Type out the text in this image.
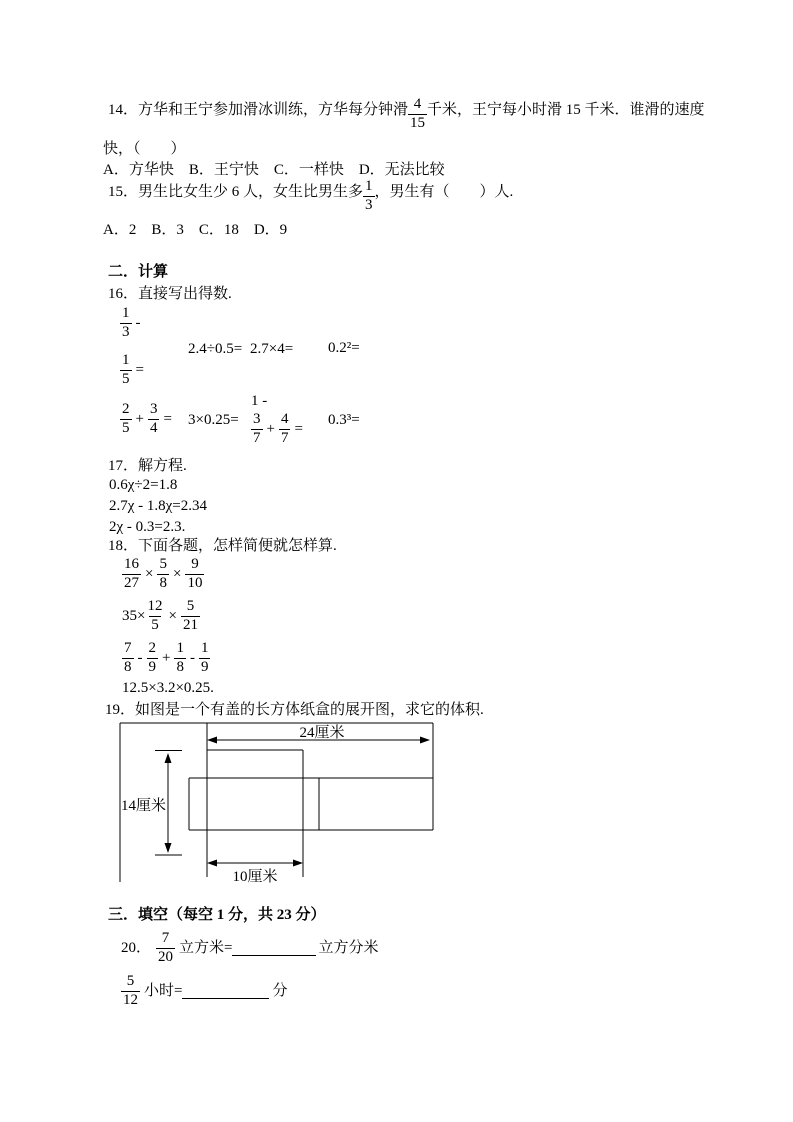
14．方华和王宁参加滑冰训练，方华每分钟滑 $\frac{4}{15}$ 千米，王宁每小时滑 15 千米．谁滑的速度
快，（　　）
A．方华快　B．王宁快　C．一样快　D．无法比较
15．男生比女生少 6 人，女生比男生多 $\frac{1}{3}$ ，男生有（　　）人.
A．2　B．3　C．18　D．9
二．计算
16．直接写出得数.
$\frac{1}{3}$ -
$\frac{1}{5}$ =
2.4÷0.5= 2.7×4= 0.2²=
$\frac{2}{5} + \frac{3}{4} = 3\times 0.25=$
1 -
$\frac{3}{7} + \frac{4}{7}$ =
0.3³=
17．解方程.
0.6χ÷2=1.8
2.7χ - 1.8χ=2.34
2χ - 0.3=2.3.
18．下面各题，怎样简便就怎样算.
$\frac{16}{27} \times \frac{5}{8} \times \frac{9}{10}$
$35\times \frac{12}{5} \times \frac{5}{21}$
$\frac{7}{8} - \frac{2}{9} + \frac{1}{8} - \frac{1}{9}$
12.5×3.2×0.25.
19．如图是一个有盖的长方体纸盒的展开图，求它的体积.
24厘米
14厘米
10厘米
三．填空（每空 1 分，共 23 分）
20． $\frac{7}{20}$ 立方米=	立方分米
$\frac{5}{12}$ 小时=	分
